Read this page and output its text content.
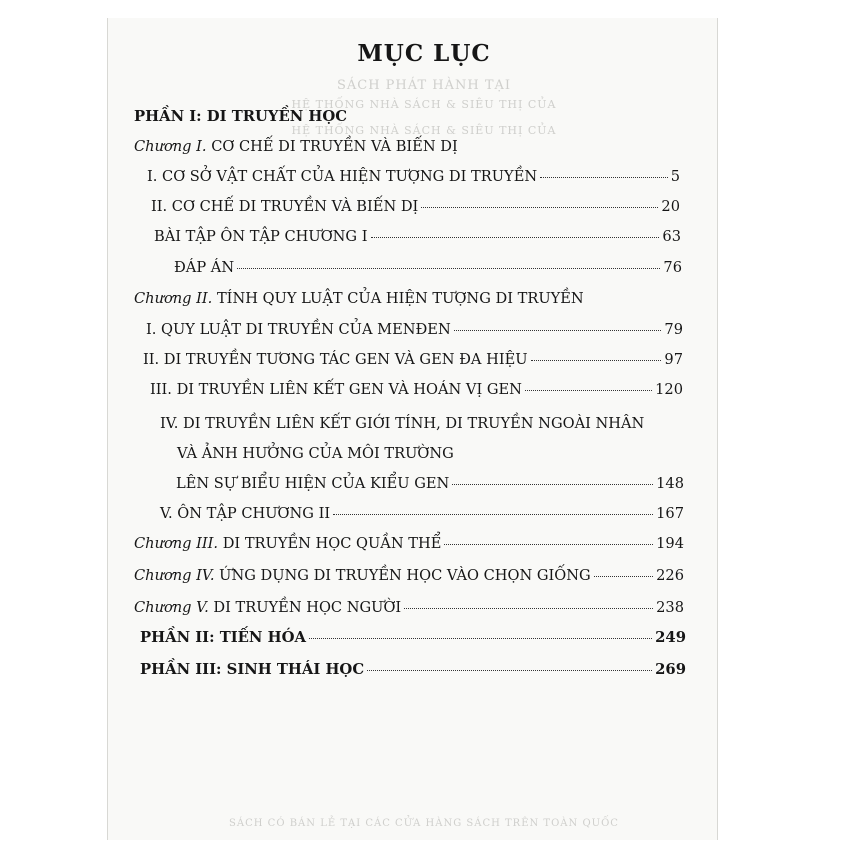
SÁCH PHÁT HÀNH TẠI
HỆ THỐNG NHÀ SÁCH & SIÊU THỊ CỦA
HỆ THỐNG NHÀ SÁCH & SIÊU THỊ CỦA
SÁCH CÓ BÁN LẺ TẠI CÁC CỬA HÀNG SÁCH TRÊN TOÀN QUỐC
MỤC LỤC
PHẦN I: DI TRUYỀN HỌC
Chương I. CƠ CHẾ DI TRUYỀN VÀ BIẾN DỊ
I. CƠ SỞ VẬT CHẤT CỦA HIỆN TƯỢNG DI TRUYỀN	5
II. CƠ CHẾ DI TRUYỀN VÀ BIẾN DỊ	20
BÀI TẬP ÔN TẬP CHƯƠNG I	63
ĐÁP ÁN	76
Chương II. TÍNH QUY LUẬT CỦA HIỆN TƯỢNG DI TRUYỀN
I. QUY LUẬT DI TRUYỀN CỦA MENĐEN	79
II. DI TRUYỀN TƯƠNG TÁC GEN VÀ GEN ĐA HIỆU	97
III. DI TRUYỀN LIÊN KẾT GEN VÀ HOÁN VỊ GEN	120
IV. DI TRUYỀN LIÊN KẾT GIỚI TÍNH, DI TRUYỀN NGOÀI NHÂN
VÀ ẢNH HƯỞNG CỦA MÔI TRƯỜNG
LÊN SỰ BIỂU HIỆN CỦA KIỂU GEN	148
V. ÔN TẬP CHƯƠNG II	167
Chương III. DI TRUYỀN HỌC QUẦN THỂ	194
Chương IV. ỨNG DỤNG DI TRUYỀN HỌC VÀO CHỌN GIỐNG	226
Chương V. DI TRUYỀN HỌC NGƯỜI	238
PHẦN II: TIẾN HÓA	249
PHẦN III: SINH THÁI HỌC	269
